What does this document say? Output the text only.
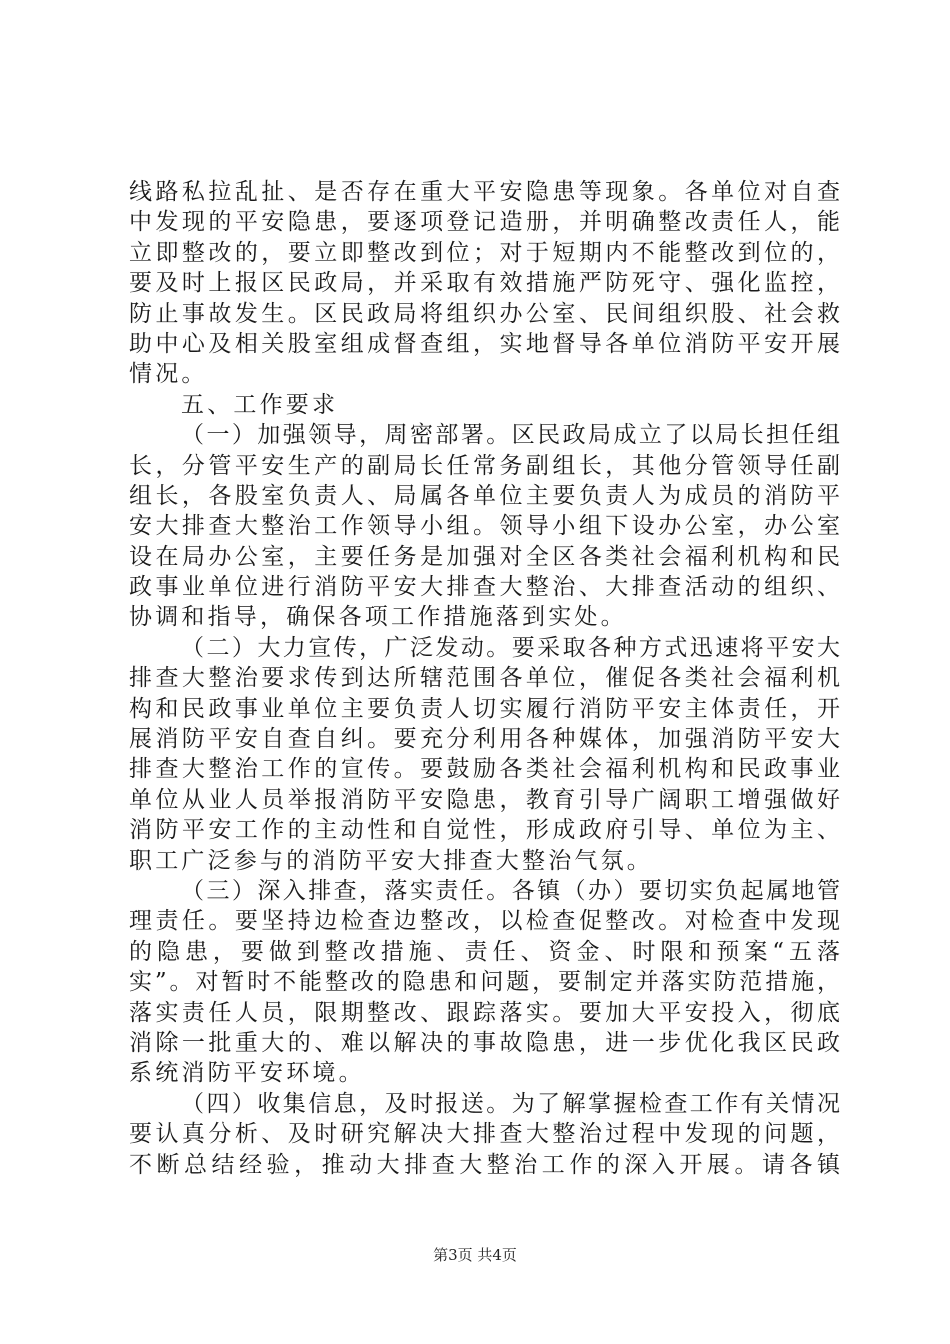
线路私拉乱扯、是否存在重大平安隐患等现象。各单位对自查
中发现的平安隐患，要逐项登记造册，并明确整改责任人，能
立即整改的，要立即整改到位；对于短期内不能整改到位的，
要及时上报区民政局，并采取有效措施严防死守、强化监控，
防止事故发生。区民政局将组织办公室、民间组织股、社会救
助中心及相关股室组成督查组，实地督导各单位消防平安开展
情况。
五、工作要求
（一）加强领导，周密部署。区民政局成立了以局长担任组
长，分管平安生产的副局长任常务副组长，其他分管领导任副
组长，各股室负责人、局属各单位主要负责人为成员的消防平
安大排查大整治工作领导小组。领导小组下设办公室，办公室
设在局办公室，主要任务是加强对全区各类社会福利机构和民
政事业单位进行消防平安大排查大整治、大排查活动的组织、
协调和指导，确保各项工作措施落到实处。
（二）大力宣传，广泛发动。要采取各种方式迅速将平安大
排查大整治要求传到达所辖范围各单位，催促各类社会福利机
构和民政事业单位主要负责人切实履行消防平安主体责任，开
展消防平安自查自纠。要充分利用各种媒体，加强消防平安大
排查大整治工作的宣传。要鼓励各类社会福利机构和民政事业
单位从业人员举报消防平安隐患，教育引导广阔职工增强做好
消防平安工作的主动性和自觉性，形成政府引导、单位为主、
职工广泛参与的消防平安大排查大整治气氛。
（三）深入排查，落实责任。各镇（办）要切实负起属地管
理责任。要坚持边检查边整改，以检查促整改。对检查中发现
的隐患，要做到整改措施、责任、资金、时限和预案“五落
实”。对暂时不能整改的隐患和问题，要制定并落实防范措施，
落实责任人员，限期整改、跟踪落实。要加大平安投入，彻底
消除一批重大的、难以解决的事故隐患，进一步优化我区民政
系统消防平安环境。
（四）收集信息，及时报送。为了解掌握检查工作有关情况
要认真分析、及时研究解决大排查大整治过程中发现的问题，
不断总结经验，推动大排查大整治工作的深入开展。请各镇
第3页 共4页
